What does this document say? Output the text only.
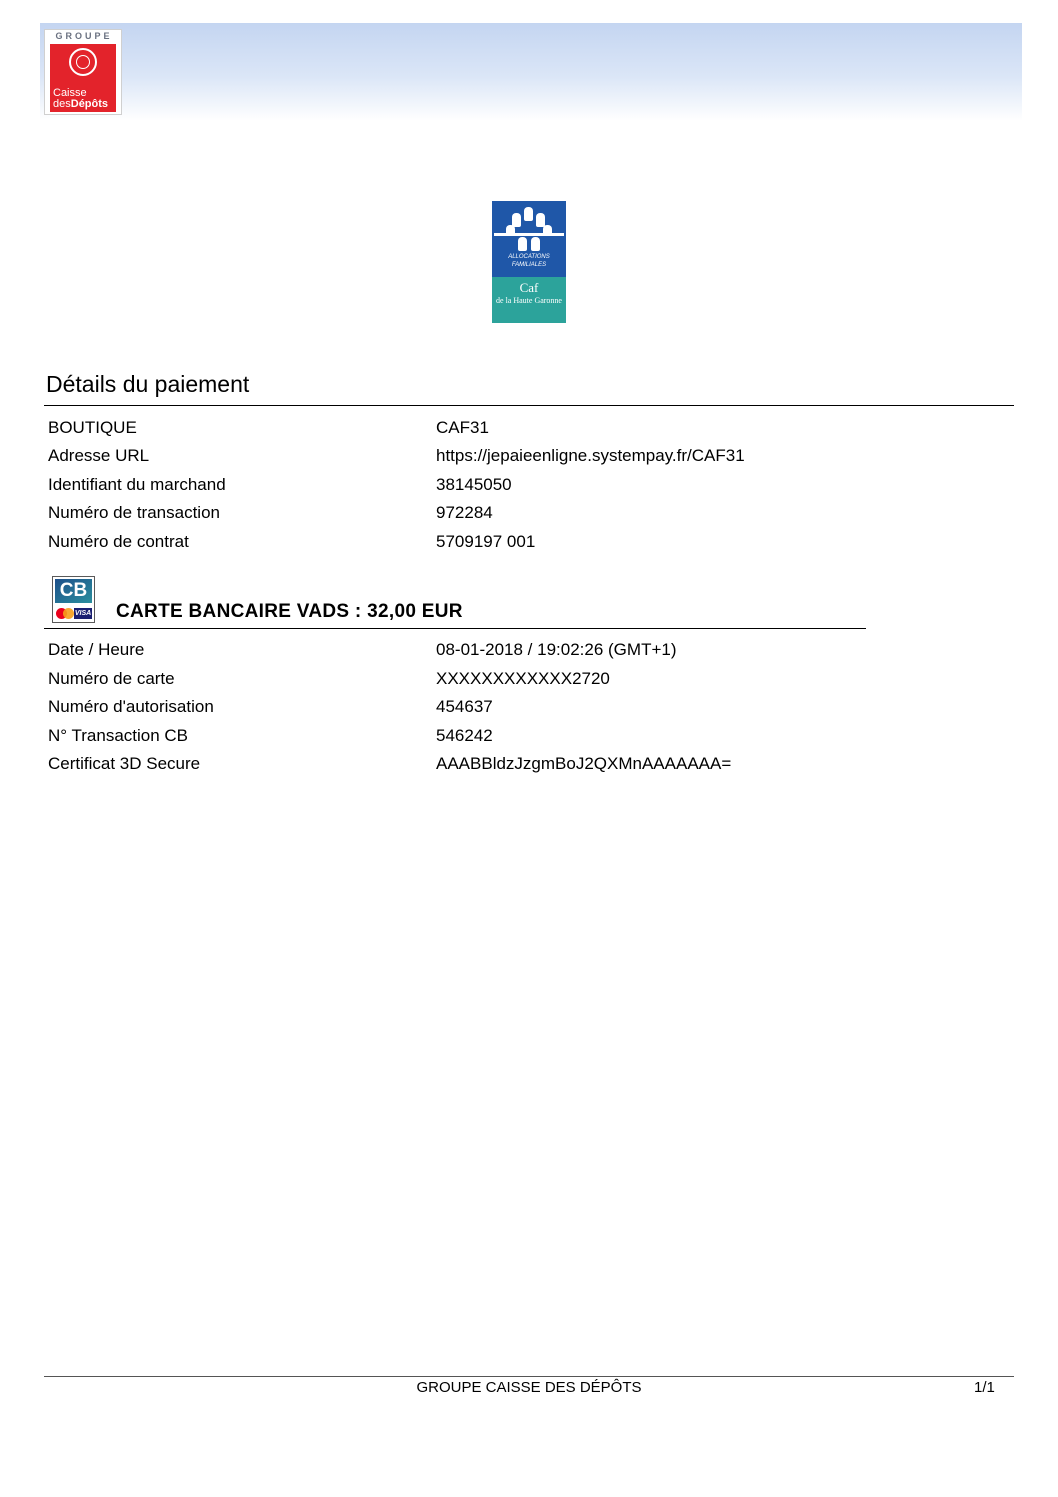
GROUPE
Caisse
desDépôts
ALLOCATIONS FAMILIALES
Caf
de la Haute Garonne
Détails du paiement
BOUTIQUE	CAF31
Adresse URL	https://jepaieenligne.systempay.fr/CAF31
Identifiant du marchand	38145050
Numéro de transaction	972284
Numéro de contrat	5709197 001
CB
VISA CARTE BANCAIRE VADS : 32,00 EUR
Date / Heure	08-01-2018 / 19:02:26 (GMT+1)
Numéro de carte	XXXXXXXXXXXX2720
Numéro d'autorisation	454637
N° Transaction CB	546242
Certificat 3D Secure	AAABBldzJzgmBoJ2QXMnAAAAAAA=
GROUPE CAISSE DES DÉPÔTS	1/1
